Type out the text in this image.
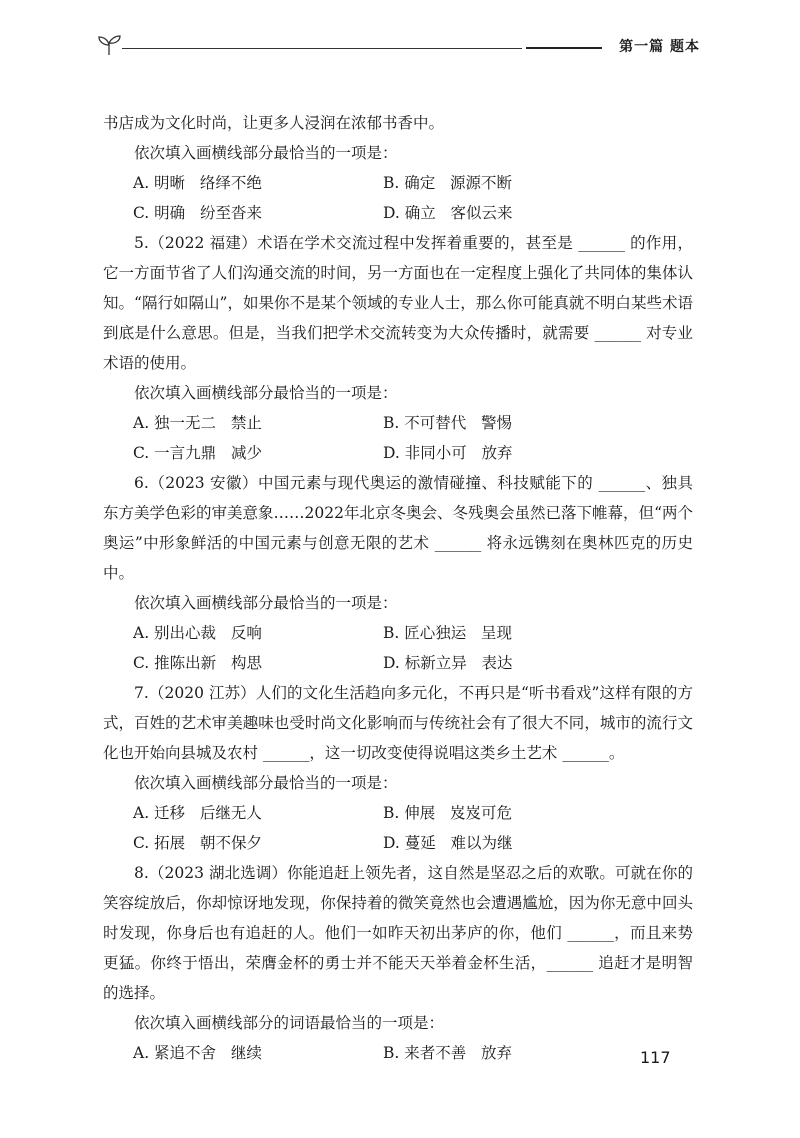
第一篇 题本

书店成为文化时尚，让更多人浸润在浓郁书香中。

依次填入画横线部分最恰当的一项是：

A. 明晰   络绎不绝	B. 确定   源源不断
C. 明确   纷至沓来	D. 确立   客似云来

5.（2022 福建）术语在学术交流过程中发挥着重要的，甚至是 ______ 的作用，它一方面节省了人们沟通交流的时间，另一方面也在一定程度上强化了共同体的集体认知。“隔行如隔山”，如果你不是某个领域的专业人士，那么你可能真就不明白某些术语到底是什么意思。但是，当我们把学术交流转变为大众传播时，就需要 ______ 对专业术语的使用。

依次填入画横线部分最恰当的一项是：

A. 独一无二   禁止	B. 不可替代   警惕
C. 一言九鼎   减少	D. 非同小可   放弃

6.（2023 安徽）中国元素与现代奥运的激情碰撞、科技赋能下的 ______、独具东方美学色彩的审美意象……2022年北京冬奥会、冬残奥会虽然已落下帷幕，但“两个奥运”中形象鲜活的中国元素与创意无限的艺术 ______ 将永远镌刻在奥林匹克的历史中。

依次填入画横线部分最恰当的一项是：

A. 别出心裁   反响	B. 匠心独运   呈现
C. 推陈出新   构思	D. 标新立异   表达

7.（2020 江苏）人们的文化生活趋向多元化，不再只是“听书看戏”这样有限的方式，百姓的艺术审美趣味也受时尚文化影响而与传统社会有了很大不同，城市的流行文化也开始向县城及农村 ______，这一切改变使得说唱这类乡土艺术 ______。

依次填入画横线部分最恰当的一项是：

A. 迁移   后继无人	B. 伸展   岌岌可危
C. 拓展   朝不保夕	D. 蔓延   难以为继

8.（2023 湖北选调）你能追赶上领先者，这自然是坚忍之后的欢歌。可就在你的笑容绽放后，你却惊讶地发现，你保持着的微笑竟然也会遭遇尴尬，因为你无意中回头时发现，你身后也有追赶的人。他们一如昨天初出茅庐的你，他们 ______，而且来势更猛。你终于悟出，荣膺金杯的勇士并不能天天举着金杯生活，______ 追赶才是明智的选择。

依次填入画横线部分的词语最恰当的一项是：

A. 紧追不舍   继续	B. 来者不善   放弃	117
